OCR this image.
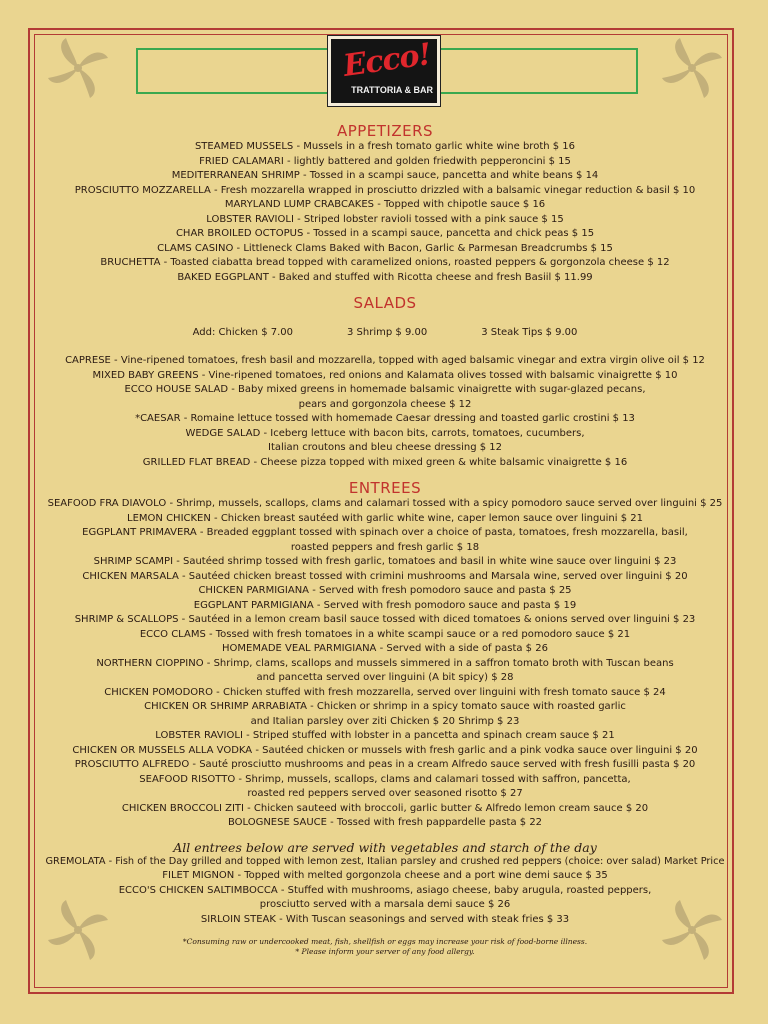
Ecco!
TRATTORIA & BAR
APPETIZERS
STEAMED MUSSELS - Mussels in a fresh tomato garlic white wine broth $ 16
FRIED CALAMARI - lightly battered and golden friedwith pepperoncini $ 15
MEDITERRANEAN SHRIMP - Tossed in a scampi sauce, pancetta and white beans $ 14
PROSCIUTTO MOZZARELLA - Fresh mozzarella wrapped in prosciutto drizzled with a balsamic vinegar reduction & basil $ 10
MARYLAND LUMP CRABCAKES - Topped with chipotle sauce $ 16
LOBSTER RAVIOLI - Striped lobster ravioli tossed with a pink sauce $ 15
CHAR BROILED OCTOPUS - Tossed in a scampi sauce, pancetta and chick peas $ 15
CLAMS CASINO - Littleneck Clams Baked with Bacon, Garlic & Parmesan Breadcrumbs $ 15
BRUCHETTA - Toasted ciabatta bread topped with caramelized onions, roasted peppers & gorgonzola cheese $ 12
BAKED EGGPLANT - Baked and stuffed with Ricotta cheese and fresh Basiil $ 11.99
SALADS
Add: Chicken $ 7.00	3 Shrimp $ 9.00	3 Steak Tips $ 9.00
CAPRESE - Vine-ripened tomatoes, fresh basil and mozzarella, topped with aged balsamic vinegar and extra virgin olive oil $ 12
MIXED BABY GREENS - Vine-ripened tomatoes, red onions and Kalamata olives tossed with balsamic vinaigrette $ 10
ECCO HOUSE SALAD - Baby mixed greens in homemade balsamic vinaigrette with sugar-glazed pecans,
pears and gorgonzola cheese $ 12
*CAESAR - Romaine lettuce tossed with homemade Caesar dressing and toasted garlic crostini $ 13
WEDGE SALAD - Iceberg lettuce with bacon bits, carrots, tomatoes, cucumbers,
Italian croutons and bleu cheese dressing $ 12
GRILLED FLAT BREAD - Cheese pizza topped with mixed green & white balsamic vinaigrette $ 16
ENTREES
SEAFOOD FRA DIAVOLO - Shrimp, mussels, scallops, clams and calamari tossed with a spicy pomodoro sauce served over linguini $ 25
LEMON CHICKEN - Chicken breast sautéed with garlic white wine, caper lemon sauce over linguini $ 21
EGGPLANT PRIMAVERA - Breaded eggplant tossed with spinach over a choice of pasta, tomatoes, fresh mozzarella, basil,
roasted peppers and fresh garlic $ 18
SHRIMP SCAMPI - Sautéed shrimp tossed with fresh garlic, tomatoes and basil in white wine sauce over linguini $ 23
CHICKEN MARSALA - Sautéed chicken breast tossed with crimini mushrooms and Marsala wine, served over linguini $ 20
CHICKEN PARMIGIANA - Served with fresh pomodoro sauce and pasta $ 25
EGGPLANT PARMIGIANA - Served with fresh pomodoro sauce and pasta $ 19
SHRIMP & SCALLOPS - Sautéed in a lemon cream basil sauce tossed with diced tomatoes & onions served over linguini $ 23
ECCO CLAMS - Tossed with fresh tomatoes in a white scampi sauce or a red pomodoro sauce $ 21
HOMEMADE VEAL PARMIGIANA - Served with a side of pasta $ 26
NORTHERN CIOPPINO - Shrimp, clams, scallops and mussels simmered in a saffron tomato broth with Tuscan beans
and pancetta served over linguini (A bit spicy) $ 28
CHICKEN POMODORO - Chicken stuffed with fresh mozzarella, served over linguini with fresh tomato sauce $ 24
CHICKEN OR SHRIMP ARRABIATA - Chicken or shrimp in a spicy tomato sauce with roasted garlic
and Italian parsley over ziti Chicken $ 20 Shrimp $ 23
LOBSTER RAVIOLI - Striped stuffed with lobster in a pancetta and spinach cream sauce $ 21
CHICKEN OR MUSSELS ALLA VODKA - Sautéed chicken or mussels with fresh garlic and a pink vodka sauce over linguini $ 20
PROSCIUTTO ALFREDO - Sauté prosciutto mushrooms and peas in a cream Alfredo sauce served with fresh fusilli pasta $ 20
SEAFOOD RISOTTO - Shrimp, mussels, scallops, clams and calamari tossed with saffron, pancetta,
roasted red peppers served over seasoned risotto $ 27
CHICKEN BROCCOLI ZITI - Chicken sauteed with broccoli, garlic butter & Alfredo lemon cream sauce $ 20
BOLOGNESE SAUCE - Tossed with fresh pappardelle pasta $ 22
All entrees below are served with vegetables and starch of the day
GREMOLATA - Fish of the Day grilled and topped with lemon zest, Italian parsley and crushed red peppers (choice: over salad) Market Price
FILET MIGNON - Topped with melted gorgonzola cheese and a port wine demi sauce $ 35
ECCO'S CHICKEN SALTIMBOCCA - Stuffed with mushrooms, asiago cheese, baby arugula, roasted peppers,
prosciutto served with a marsala demi sauce $ 26
SIRLOIN STEAK - With Tuscan seasonings and served with steak fries $ 33
*Consuming raw or undercooked meat, fish, shellfish or eggs may increase your risk of food-borne illness.
* Please inform your server of any food allergy.
